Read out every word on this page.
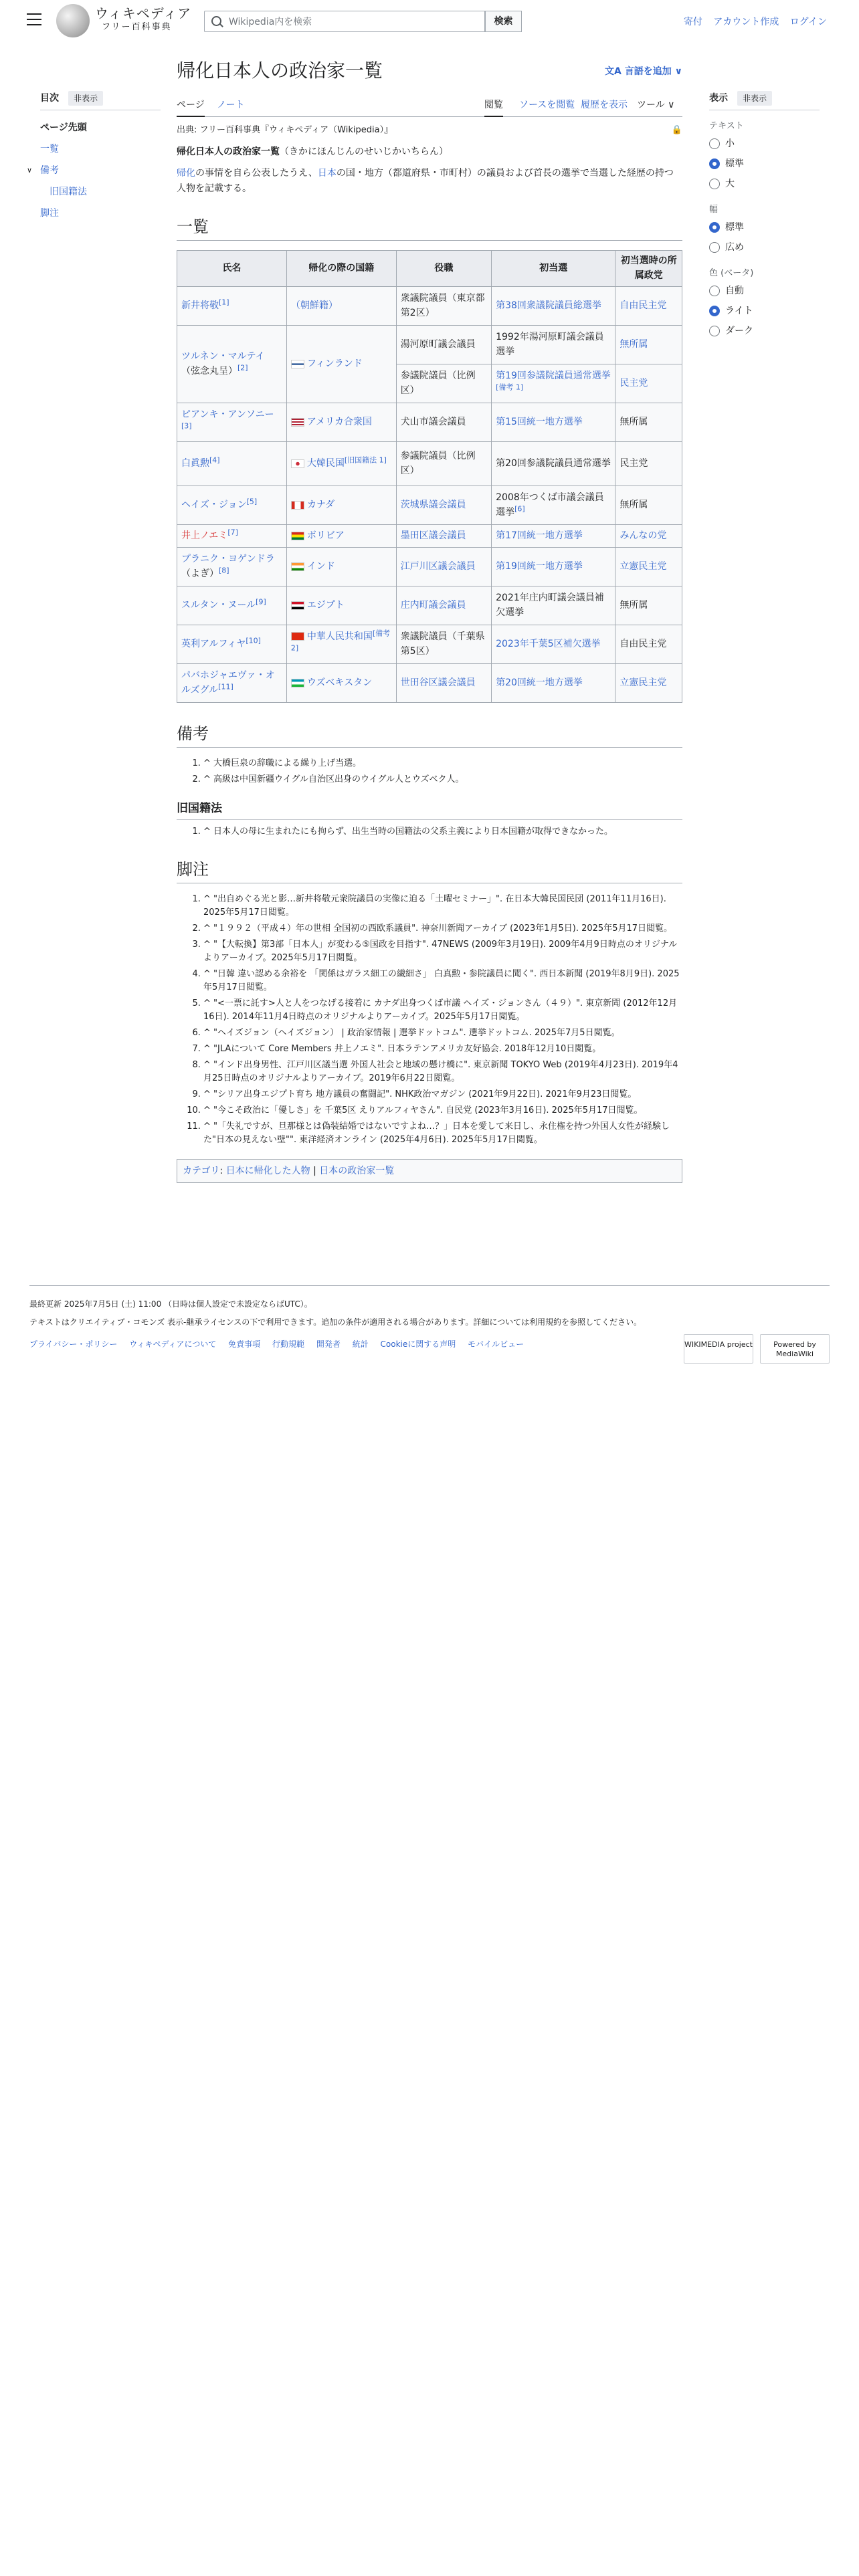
ウィキペディア
フリー百科事典
Wikipedia内を検索
検索	寄付 アカウント作成 ログイン
目次	非表示
ページ先頭
一覧
∨ 備考
旧国籍法
脚注
帰化日本人の政治家一覧	文A 言語を追加 ∨
ページ ノート	閲覧 ソースを閲覧 履歴を表示 ツール ∨
出典: フリー百科事典『ウィキペディア（Wikipedia）』	🔒

帰化日本人の政治家一覧（きかにほんじんのせいじかいちらん）

帰化の事情を自ら公表したうえ、日本の国・地方（都道府県・市町村）の議員および首長の選挙で当選した経歴の持つ人物を記載する。

一覧
氏名	帰化の際の国籍	役職	初当選	初当選時の所属政党
新井将敬[1]	（朝鮮籍）	衆議院議員（東京都第2区）	第38回衆議院議員総選挙	自由民主党
ツルネン・マルテイ
（弦念丸呈）[2]	フィンランド	湯河原町議会議員	1992年湯河原町議会議員選挙	無所属
		参議院議員（比例区）	第19回参議院議員通常選挙[備考 1]	民主党
ピアンキ・アンソニー[3]	アメリカ合衆国	犬山市議会議員	第15回統一地方選挙	無所属
白眞勲[4]	大韓民国[旧国籍法 1]	参議院議員（比例区）	第20回参議院議員通常選挙	民主党
ヘイズ・ジョン[5]	カナダ	茨城県議会議員	2008年つくば市議会議員選挙[6]	無所属
井上ノエミ[7]	ボリビア	墨田区議会議員	第17回統一地方選挙	みんなの党
プラニク・ヨゲンドラ
（よぎ）[8]	インド	江戸川区議会議員	第19回統一地方選挙	立憲民主党
スルタン・ヌール[9]	エジプト	庄内町議会議員	2021年庄内町議会議員補欠選挙	無所属
英利アルフィヤ[10]	中華人民共和国[備考 2]	衆議院議員（千葉県第5区）	2023年千葉5区補欠選挙	自由民主党
パバホジャエヴァ・オルズグル[11]	ウズベキスタン	世田谷区議会議員	第20回統一地方選挙	立憲民主党
備考
1. ^ 大橋巨泉の辞職による繰り上げ当選。
2. ^ 高級は中国新疆ウイグル自治区出身のウイグル人とウズベク人。
旧国籍法
1. ^ 日本人の母に生まれたにも拘らず、出生当時の国籍法の父系主義により日本国籍が取得できなかった。
脚注
1. ^ "出自めぐる光と影…新井将敬元衆院議員の実像に迫る「土曜セミナー」". 在日本大韓民国民団 (2011年11月16日). 2025年5月17日閲覧。
2. ^ "１９９２（平成４）年の世相 全国初の西欧系議員". 神奈川新聞アーカイブ (2023年1月5日). 2025年5月17日閲覧。
3. ^ "【大転換】第3部「日本人」が変わる⑤国政を目指す". 47NEWS (2009年3月19日). 2009年4月9日時点のオリジナルよりアーカイブ。2025年5月17日閲覧。
4. ^ "日韓 違い認める余裕を 「関係はガラス細工の繊細さ」 白真勲・参院議員に聞く". 西日本新聞 (2019年8月9日). 2025年5月17日閲覧。
5. ^ "<一票に託す>人と人をつなげる接着に カナダ出身つくば市議 ヘイズ・ジョンさん（４９）". 東京新聞 (2012年12月16日). 2014年11月4日時点のオリジナルよりアーカイブ。2025年5月17日閲覧。
6. ^ "ヘイズジョン（ヘイズジョン） | 政治家情報 | 選挙ドットコム". 選挙ドットコム. 2025年7月5日閲覧。
7. ^ "JLAについて Core Members 井上ノエミ". 日本ラテンアメリカ友好協会. 2018年12月10日閲覧。
8. ^ "インド出身男性、江戸川区議当選 外国人社会と地域の懸け橋に". 東京新聞 TOKYO Web (2019年4月23日). 2019年4月25日時点のオリジナルよりアーカイブ。2019年6月22日閲覧。
9. ^ "シリア出身エジプト育ち 地方議員の奮闘記". NHK政治マガジン (2021年9月22日). 2021年9月23日閲覧。
10. ^ "今こそ政治に「優しさ」を 千葉5区 えりアルフィヤさん". 自民党 (2023年3月16日). 2025年5月17日閲覧。
11. ^ "「失礼ですが、旦那様とは偽装結婚ではないですよね…？」日本を愛して来日し、永住権を持つ外国人女性が経験した"日本の見えない壁"". 東洋経済オンライン (2025年4月6日). 2025年5月17日閲覧。
カテゴリ: 日本に帰化した人物 | 日本の政治家一覧
表示	非表示
テキスト
小
標準
大
幅
標準
広め
色 (ベータ)
自動
ライト
ダーク
最終更新 2025年7月5日 (土) 11:00 （日時は個人設定で未設定ならばUTC）。
テキストはクリエイティブ・コモンズ 表示-継承ライセンスの下で利用できます。追加の条件が適用される場合があります。詳細については利用規約を参照してください。
プライバシー・ポリシー ウィキペディアについて 免責事項 行動規範 開発者 統計 Cookieに関する声明 モバイルビュー	WIKIMEDIA project	Powered by MediaWiki
